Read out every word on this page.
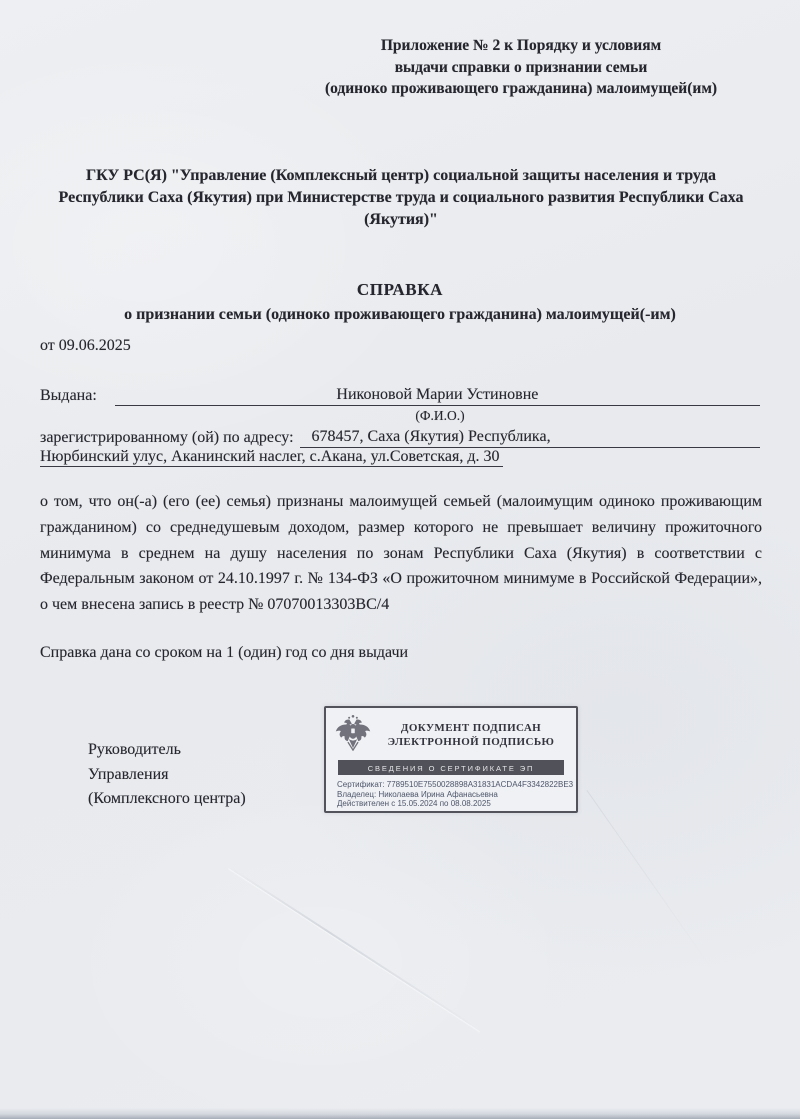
Приложение № 2 к Порядку и условиям
выдачи справки о признании семьи
(одиноко проживающего гражданина) малоимущей(им)
ГКУ РС(Я) "Управление (Комплексный центр) социальной защиты населения и труда Республики Саха (Якутия) при Министерстве труда и социального развития Республики Саха (Якутия)"
СПРАВКА
о признании семьи (одиноко проживающего гражданина) малоимущей(-им)
от 09.06.2025
Выдана:	Никоновой Марии Устиновне
(Ф.И.О.)
зарегистрированному (ой) по адресу:	678457, Саха (Якутия) Республика,
Нюрбинский улус, Аканинский наслег, с.Акана, ул.Советская, д. 30
о том, что он(-а) (его (ее) семья) признаны малоимущей семьей (малоимущим одиноко проживающим гражданином) со среднедушевым доходом, размер которого не превышает величину прожиточного минимума в среднем на душу населения по зонам Республики Саха (Якутия) в соответствии с Федеральным законом от 24.10.1997 г. № 134-ФЗ «О прожиточном минимуме в Российской Федерации», о чем внесена запись в реестр № 07070013303ВС/4
Справка дана со сроком на 1 (один) год со дня выдачи
Руководитель
Управления
(Комплексного центра)
ДОКУМЕНТ ПОДПИСАН
ЭЛЕКТРОННОЙ ПОДПИСЬЮ
СВЕДЕНИЯ О СЕРТИФИКАТЕ ЭП
Сертификат: 7789510Е7550028898А31831ACDA4F3342822BE3
Владелец: Николаева Ирина Афанасьевна
Действителен с 15.05.2024 по 08.08.2025
